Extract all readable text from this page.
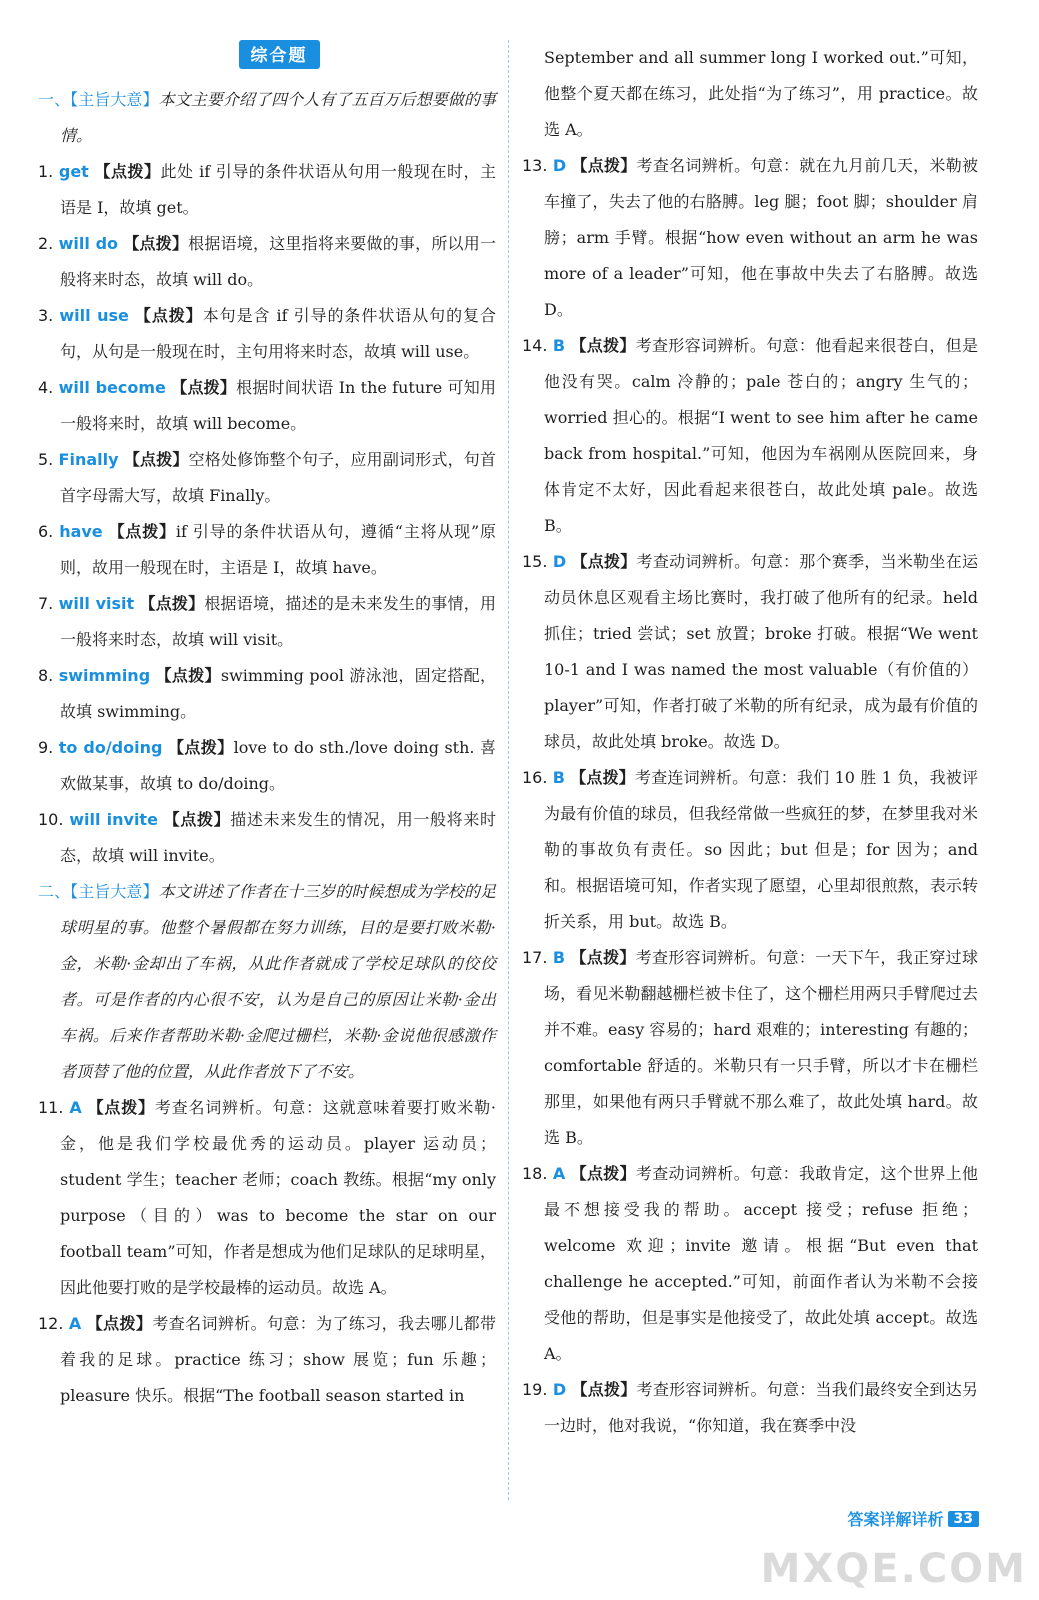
综合题

一、【主旨大意】本文主要介绍了四个人有了五百万后想要做的事情。

1. get 【点拨】此处 if 引导的条件状语从句用一般现在时，主语是 I，故填 get。

2. will do 【点拨】根据语境，这里指将来要做的事，所以用一般将来时态，故填 will do。

3. will use 【点拨】本句是含 if 引导的条件状语从句的复合句，从句是一般现在时，主句用将来时态，故填 will use。

4. will become 【点拨】根据时间状语 In the future 可知用一般将来时，故填 will become。

5. Finally 【点拨】空格处修饰整个句子，应用副词形式，句首首字母需大写，故填 Finally。

6. have 【点拨】if 引导的条件状语从句，遵循“主将从现”原则，故用一般现在时，主语是 I，故填 have。

7. will visit 【点拨】根据语境，描述的是未来发生的事情，用一般将来时态，故填 will visit。

8. swimming 【点拨】swimming pool 游泳池，固定搭配，故填 swimming。

9. to do/doing 【点拨】love to do sth./love doing sth. 喜欢做某事，故填 to do/doing。

10. will invite 【点拨】描述未来发生的情况，用一般将来时态，故填 will invite。

二、【主旨大意】本文讲述了作者在十三岁的时候想成为学校的足球明星的事。他整个暑假都在努力训练，目的是要打败米勒·金，米勒·金却出了车祸，从此作者就成了学校足球队的佼佼者。可是作者的内心很不安，认为是自己的原因让米勒·金出车祸。后来作者帮助米勒·金爬过栅栏，米勒·金说他很感激作者顶替了他的位置，从此作者放下了不安。

11. A 【点拨】考查名词辨析。句意：这就意味着要打败米勒·金，他是我们学校最优秀的运动员。player 运动员；student 学生；teacher 老师；coach 教练。根据“my only purpose（目的）was to become the star on our football team”可知，作者是想成为他们足球队的足球明星，因此他要打败的是学校最棒的运动员。故选 A。

12. A 【点拨】考查名词辨析。句意：为了练习，我去哪儿都带着我的足球。practice 练习；show 展览；fun 乐趣；pleasure 快乐。根据“The football season started in

September and all summer long I worked out.”可知，他整个夏天都在练习，此处指“为了练习”，用 practice。故选 A。

13. D 【点拨】考查名词辨析。句意：就在九月前几天，米勒被车撞了，失去了他的右胳膊。leg 腿；foot 脚；shoulder 肩膀；arm 手臂。根据“how even without an arm he was more of a leader”可知，他在事故中失去了右胳膊。故选 D。

14. B 【点拨】考查形容词辨析。句意：他看起来很苍白，但是他没有哭。calm 冷静的；pale 苍白的；angry 生气的；worried 担心的。根据“I went to see him after he came back from hospital.”可知，他因为车祸刚从医院回来，身体肯定不太好，因此看起来很苍白，故此处填 pale。故选 B。

15. D 【点拨】考查动词辨析。句意：那个赛季，当米勒坐在运动员休息区观看主场比赛时，我打破了他所有的纪录。held 抓住；tried 尝试；set 放置；broke 打破。根据“We went 10-1 and I was named the most valuable（有价值的）player”可知，作者打破了米勒的所有纪录，成为最有价值的球员，故此处填 broke。故选 D。

16. B 【点拨】考查连词辨析。句意：我们 10 胜 1 负，我被评为最有价值的球员，但我经常做一些疯狂的梦，在梦里我对米勒的事故负有责任。so 因此；but 但是；for 因为；and 和。根据语境可知，作者实现了愿望，心里却很煎熬，表示转折关系，用 but。故选 B。

17. B 【点拨】考查形容词辨析。句意：一天下午，我正穿过球场，看见米勒翻越栅栏被卡住了，这个栅栏用两只手臂爬过去并不难。easy 容易的；hard 艰难的；interesting 有趣的；comfortable 舒适的。米勒只有一只手臂，所以才卡在栅栏那里，如果他有两只手臂就不那么难了，故此处填 hard。故选 B。

18. A 【点拨】考查动词辨析。句意：我敢肯定，这个世界上他最不想接受我的帮助。accept 接受；refuse 拒绝；welcome 欢迎；invite 邀请。根据“But even that challenge he accepted.”可知，前面作者认为米勒不会接受他的帮助，但是事实是他接受了，故此处填 accept。故选 A。

19. D 【点拨】考查形容词辨析。句意：当我们最终安全到达另一边时，他对我说，“你知道，我在赛季中没

答案详解详析 33
MXQE.COM
